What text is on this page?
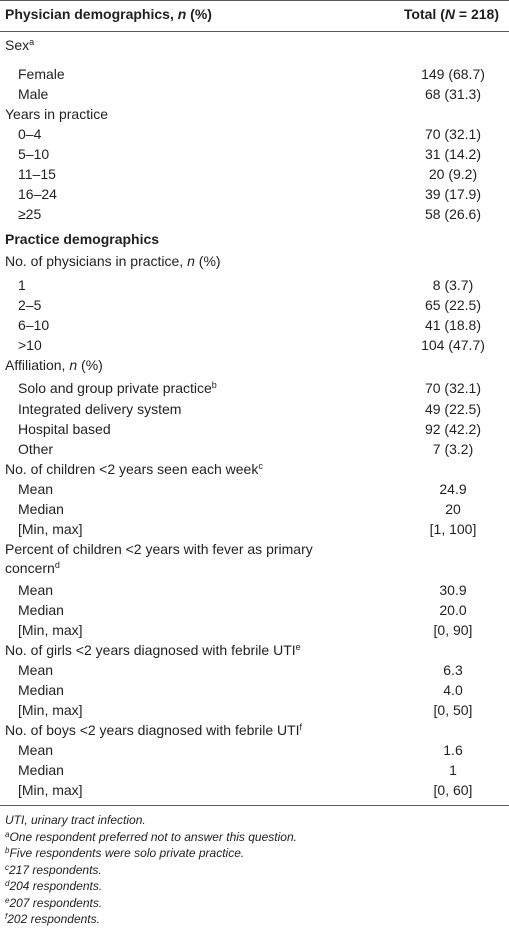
Physician demographics, n (%)	Total (N = 218)
Sex$^a$
Female	149 (68.7)
Male	68 (31.3)
Years in practice
0–4	70 (32.1)
5–10	31 (14.2)
11–15	20 (9.2)
16–24	39 (17.9)
≥25	58 (26.6)
Practice demographics
No. of physicians in practice, n (%)
1	8 (3.7)
2–5	65 (22.5)
6–10	41 (18.8)
>10	104 (47.7)
Affiliation, n (%)
Solo and group private practice$^b$	70 (32.1)
Integrated delivery system	49 (22.5)
Hospital based	92 (42.2)
Other	7 (3.2)
No. of children <2 years seen each week$^c$
Mean	24.9
Median	20
[Min, max]	[1, 100]
Percent of children <2 years with fever as primary
concern$^d$
Mean	30.9
Median	20.0
[Min, max]	[0, 90]
No. of girls <2 years diagnosed with febrile UTI$^e$
Mean	6.3
Median	4.0
[Min, max]	[0, 50]
No. of boys <2 years diagnosed with febrile UTI$^f$
Mean	1.6
Median	1
[Min, max]	[0, 60]
UTI, urinary tract infection.
$^a$One respondent preferred not to answer this question.
$^b$Five respondents were solo private practice.
$^c$217 respondents.
$^d$204 respondents.
$^e$207 respondents.
$^f$202 respondents.
